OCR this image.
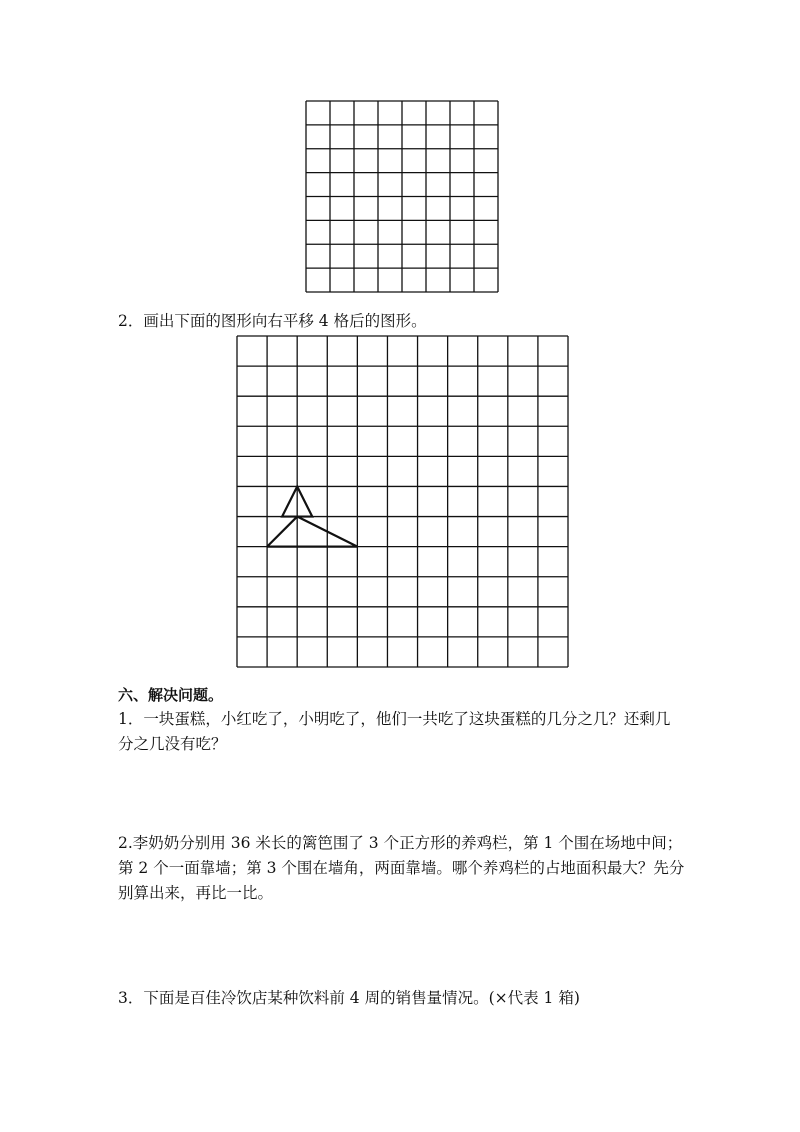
2．画出下面的图形向右平移 4 格后的图形。
六、解决问题。
1．一块蛋糕，小红吃了，小明吃了，他们一共吃了这块蛋糕的几分之几？还剩几
分之几没有吃？
2.李奶奶分别用 36 米长的篱笆围了 3 个正方形的养鸡栏，第 1 个围在场地中间；
第 2 个一面靠墙；第 3 个围在墙角，两面靠墙。哪个养鸡栏的占地面积最大？先分
别算出来，再比一比。
3．下面是百佳冷饮店某种饮料前 4 周的销售量情况。(×代表 1 箱)
